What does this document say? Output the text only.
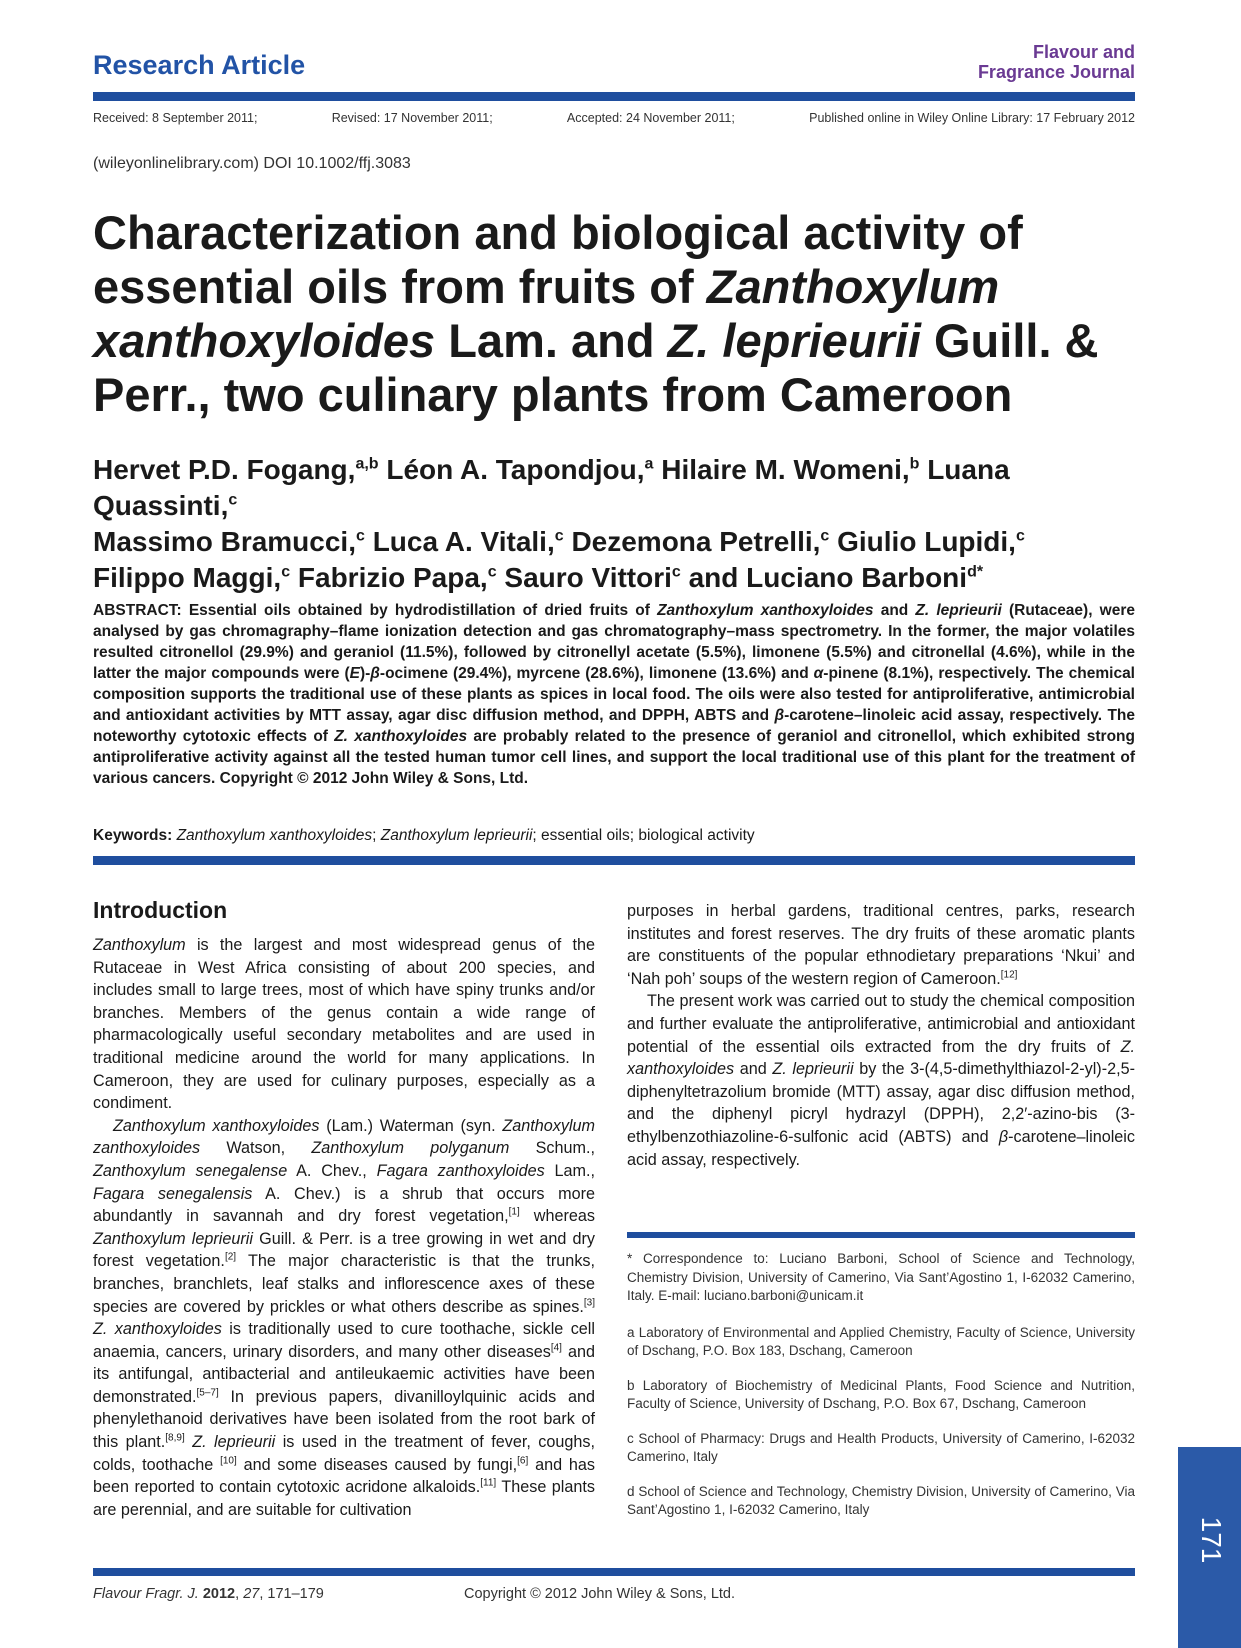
Research Article	Flavour and
Fragrance Journal
Received: 8 September 2011;	Revised: 17 November 2011;	Accepted: 24 November 2011;	Published online in Wiley Online Library: 17 February 2012
(wileyonlinelibrary.com) DOI 10.1002/ffj.3083
Characterization and biological activity of essential oils from fruits of Zanthoxylum xanthoxyloides Lam. and Z. leprieurii Guill. & Perr., two culinary plants from Cameroon
Hervet P.D. Fogang,$^{a,b}$ Léon A. Tapondjou,$^a$ Hilaire M. Womeni,$^b$ Luana Quassinti,$^c$
Massimo Bramucci,$^c$ Luca A. Vitali,$^c$ Dezemona Petrelli,$^c$ Giulio Lupidi,$^c$
Filippo Maggi,$^c$ Fabrizio Papa,$^c$ Sauro Vittori$^c$ and Luciano Barboni$^{d*}$
ABSTRACT: Essential oils obtained by hydrodistillation of dried fruits of Zanthoxylum xanthoxyloides and Z. leprieurii (Rutaceae), were analysed by gas chromagraphy–flame ionization detection and gas chromatography–mass spectrometry. In the former, the major volatiles resulted citronellol (29.9%) and geraniol (11.5%), followed by citronellyl acetate (5.5%), limonene (5.5%) and citronellal (4.6%), while in the latter the major compounds were (E)-β-ocimene (29.4%), myrcene (28.6%), limonene (13.6%) and α-pinene (8.1%), respectively. The chemical composition supports the traditional use of these plants as spices in local food. The oils were also tested for antiproliferative, antimicrobial and antioxidant activities by MTT assay, agar disc diffusion method, and DPPH, ABTS and β-carotene–linoleic acid assay, respectively. The noteworthy cytotoxic effects of Z. xanthoxyloides are probably related to the presence of geraniol and citronellol, which exhibited strong antiproliferative activity against all the tested human tumor cell lines, and support the local traditional use of this plant for the treatment of various cancers. Copyright © 2012 John Wiley & Sons, Ltd.
Keywords: Zanthoxylum xanthoxyloides; Zanthoxylum leprieurii; essential oils; biological activity
Introduction

Zanthoxylum is the largest and most widespread genus of the Rutaceae in West Africa consisting of about 200 species, and includes small to large trees, most of which have spiny trunks and/or branches. Members of the genus contain a wide range of pharmacologically useful secondary metabolites and are used in traditional medicine around the world for many applications. In Cameroon, they are used for culinary purposes, especially as a condiment.

Zanthoxylum xanthoxyloides (Lam.) Waterman (syn. Zanthoxylum zanthoxyloides Watson, Zanthoxylum polyganum Schum., Zanthoxylum senegalense A. Chev., Fagara zanthoxyloides Lam., Fagara senegalensis A. Chev.) is a shrub that occurs more abundantly in savannah and dry forest vegetation,[1] whereas Zanthoxylum leprieurii Guill. & Perr. is a tree growing in wet and dry forest vegetation.[2] The major characteristic is that the trunks, branches, branchlets, leaf stalks and inflorescence axes of these species are covered by prickles or what others describe as spines.[3] Z. xanthoxyloides is traditionally used to cure toothache, sickle cell anaemia, cancers, urinary disorders, and many other diseases[4] and its antifungal, antibacterial and antileukaemic activities have been demonstrated.[5–7] In previous papers, divanilloylquinic acids and phenylethanoid derivatives have been isolated from the root bark of this plant.[8,9] Z. leprieurii is used in the treatment of fever, coughs, colds, toothache [10] and some diseases caused by fungi,[6] and has been reported to contain cytotoxic acridone alkaloids.[11] These plants are perennial, and are suitable for cultivation

purposes in herbal gardens, traditional centres, parks, research institutes and forest reserves. The dry fruits of these aromatic plants are constituents of the popular ethnodietary preparations ‘Nkui’ and ‘Nah poh’ soups of the western region of Cameroon.[12]

The present work was carried out to study the chemical composition and further evaluate the antiproliferative, antimicrobial and antioxidant potential of the essential oils extracted from the dry fruits of Z. xanthoxyloides and Z. leprieurii by the 3-(4,5-dimethylthiazol-2-yl)-2,5-diphenyltetrazolium bromide (MTT) assay, agar disc diffusion method, and the diphenyl picryl hydrazyl (DPPH), 2,2′-azino-bis (3-ethylbenzothiazoline-6-sulfonic acid (ABTS) and β-carotene–linoleic acid assay, respectively.

* Correspondence to: Luciano Barboni, School of Science and Technology, Chemistry Division, University of Camerino, Via Sant’Agostino 1, I-62032 Camerino, Italy. E-mail: luciano.barboni@unicam.it

a Laboratory of Environmental and Applied Chemistry, Faculty of Science, University of Dschang, P.O. Box 183, Dschang, Cameroon

b Laboratory of Biochemistry of Medicinal Plants, Food Science and Nutrition, Faculty of Science, University of Dschang, P.O. Box 67, Dschang, Cameroon

c School of Pharmacy: Drugs and Health Products, University of Camerino, I-62032 Camerino, Italy

d School of Science and Technology, Chemistry Division, University of Camerino, Via Sant’Agostino 1, I-62032 Camerino, Italy

Flavour Fragr. J. 2012, 27, 171–179	Copyright © 2012 John Wiley & Sons, Ltd.
171
